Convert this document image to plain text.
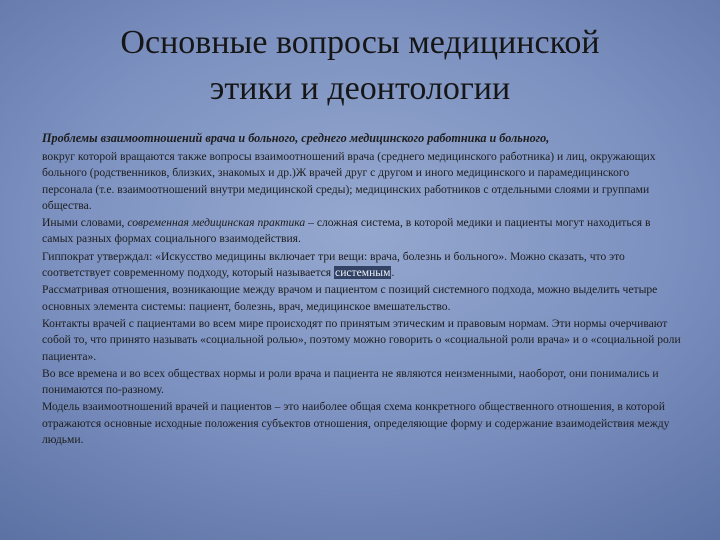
Основные вопросы медицинской
этики и деонтологии

Проблемы взаимоотношений врача и больного, среднего медицинского работника и больного,

вокруг которой вращаются также вопросы взаимоотношений врача (среднего медицинского работника) и лиц, окружающих больного (родственников, близких, знакомых и др.)Ж врачей друг с другом и иного медицинского и парамедицинского персонала (т.е. взаимоотношений внутри медицинской среды); медицинских работников с отдельными слоями и группами общества.

Иными словами, современная медицинская практика – сложная система, в которой медики и пациенты могут находиться в самых разных формах социального взаимодействия.

Гиппократ утверждал: «Искусство медицины включает три вещи: врача, болезнь и больного». Можно сказать, что это соответствует современному подходу, который называется системным.

Рассматривая отношения, возникающие между врачом и пациентом с позиций системного подхода, можно выделить четыре основных элемента системы: пациент, болезнь, врач, медицинское вмешательство.

Контакты врачей с пациентами во всем мире происходят по принятым этическим и правовым нормам. Эти нормы очерчивают собой то, что принято называть «социальной ролью», поэтому можно говорить о «социальной роли врача» и о «социальной роли пациента».

Во все времена и во всех обществах нормы и роли врача и пациента не являются неизменными, наоборот, они понимались и понимаются по-разному.

Модель взаимоотношений врачей и пациентов – это наиболее общая схема конкретного общественного отношения, в которой отражаются основные исходные положения субъектов отношения, определяющие форму и содержание взаимодействия между людьми.
